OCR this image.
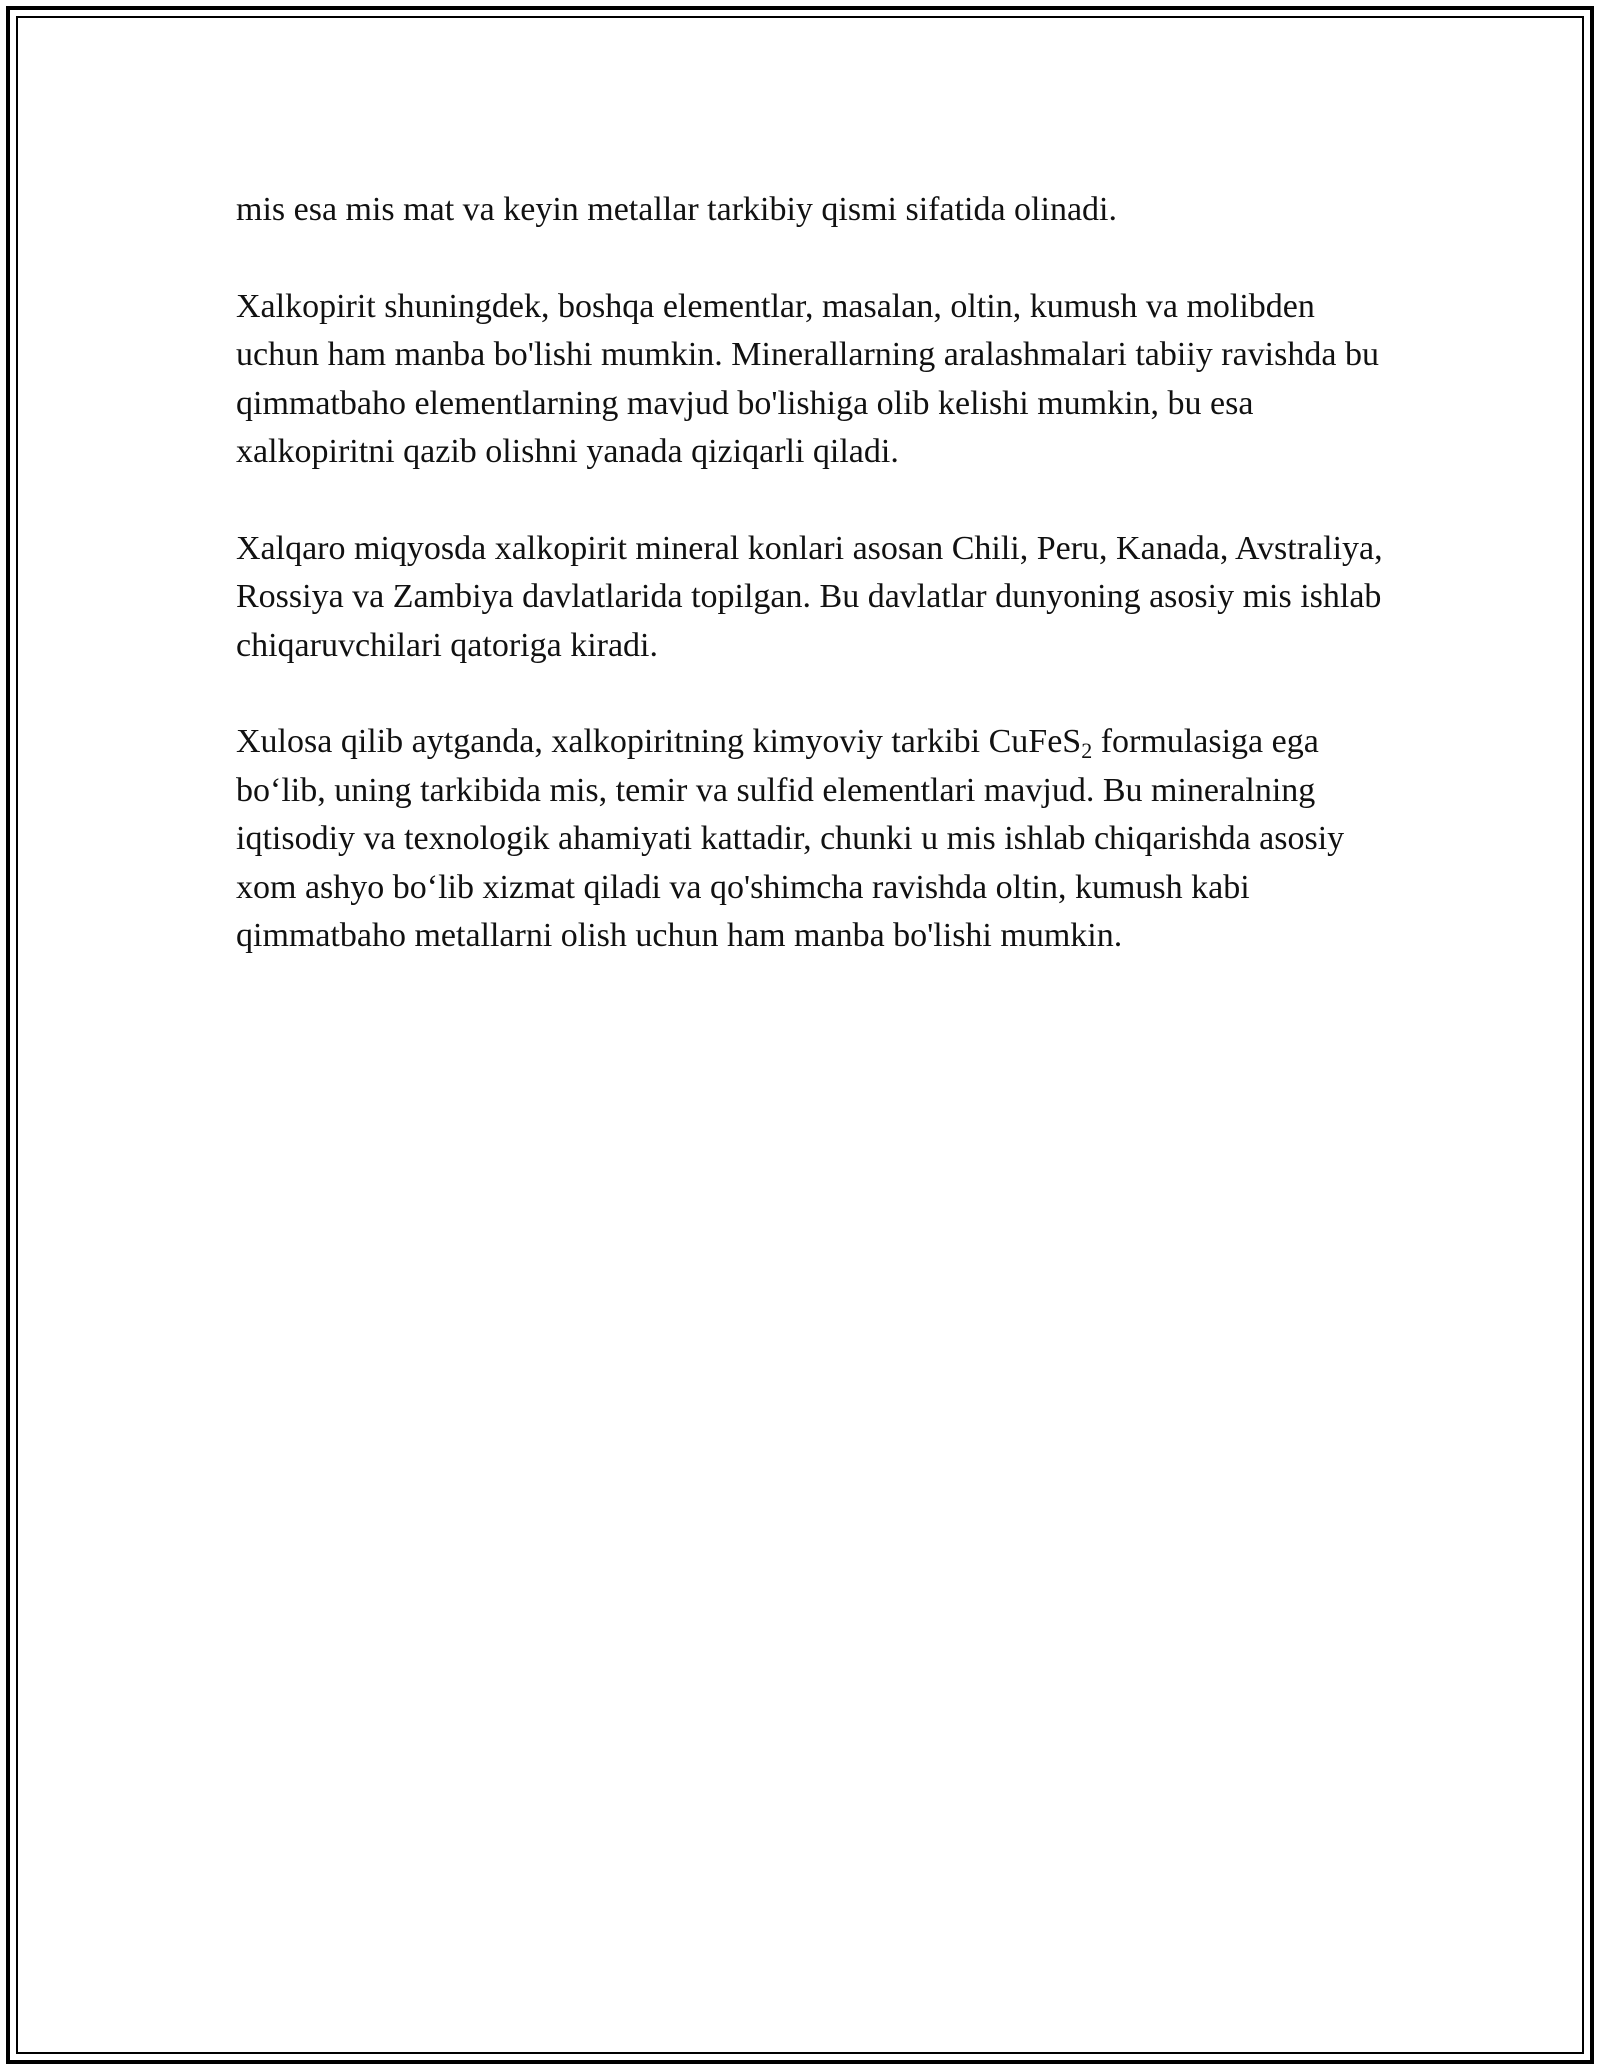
mis esa mis mat va keyin metallar tarkibiy qismi sifatida olinadi.

Xalkopirit shuningdek, boshqa elementlar, masalan, oltin, kumush va molibden uchun ham manba bo'lishi mumkin. Minerallarning aralashmalari tabiiy ravishda bu qimmatbaho elementlarning mavjud bo'lishiga olib kelishi mumkin, bu esa xalkopiritni qazib olishni yanada qiziqarli qiladi.

Xalqaro miqyosda xalkopirit mineral konlari asosan Chili, Peru, Kanada, Avstraliya, Rossiya va Zambiya davlatlarida topilgan. Bu davlatlar dunyoning asosiy mis ishlab chiqaruvchilari qatoriga kiradi.

Xulosa qilib aytganda, xalkopiritning kimyoviy tarkibi CuFeS$_2$ formulasiga ega bo‘lib, uning tarkibida mis, temir va sulfid elementlari mavjud. Bu mineralning iqtisodiy va texnologik ahamiyati kattadir, chunki u mis ishlab chiqarishda asosiy xom ashyo bo‘lib xizmat qiladi va qo'shimcha ravishda oltin, kumush kabi qimmatbaho metallarni olish uchun ham manba bo'lishi mumkin.
